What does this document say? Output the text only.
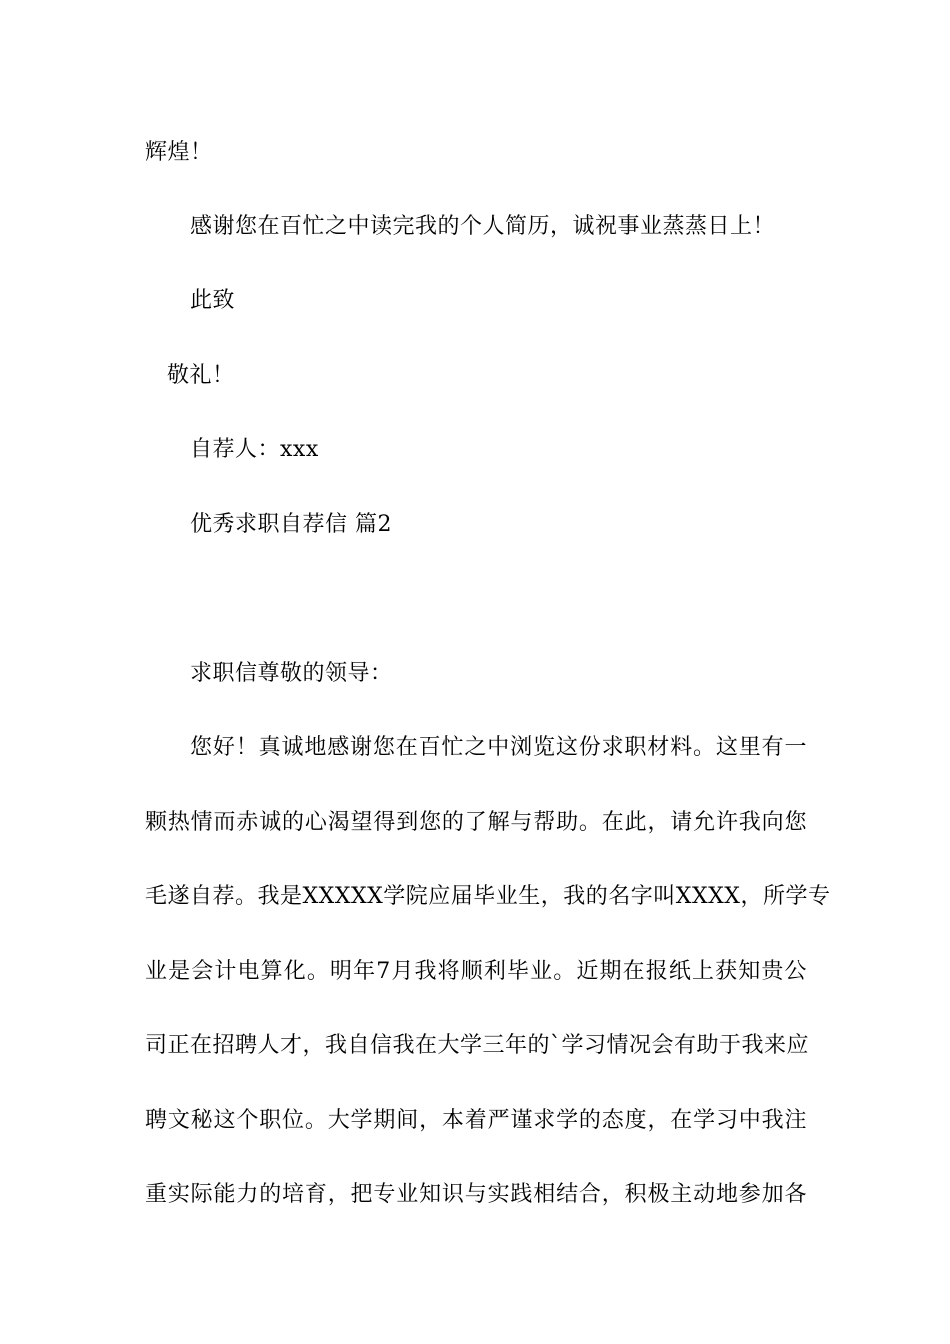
辉煌！
感谢您在百忙之中读完我的个人简历，诚祝事业蒸蒸日上！
此致
敬礼！
自荐人：xxx
优秀求职自荐信 篇2
求职信尊敬的领导：
您好！真诚地感谢您在百忙之中浏览这份求职材料。这里有一
颗热情而赤诚的心渴望得到您的了解与帮助。在此，请允许我向您
毛遂自荐。我是XXXXX学院应届毕业生，我的名字叫XXXX，所学专
业是会计电算化。明年7月我将顺利毕业。近期在报纸上获知贵公
司正在招聘人才，我自信我在大学三年的`学习情况会有助于我来应
聘文秘这个职位。大学期间，本着严谨求学的态度，在学习中我注
重实际能力的培育，把专业知识与实践相结合，积极主动地参加各
